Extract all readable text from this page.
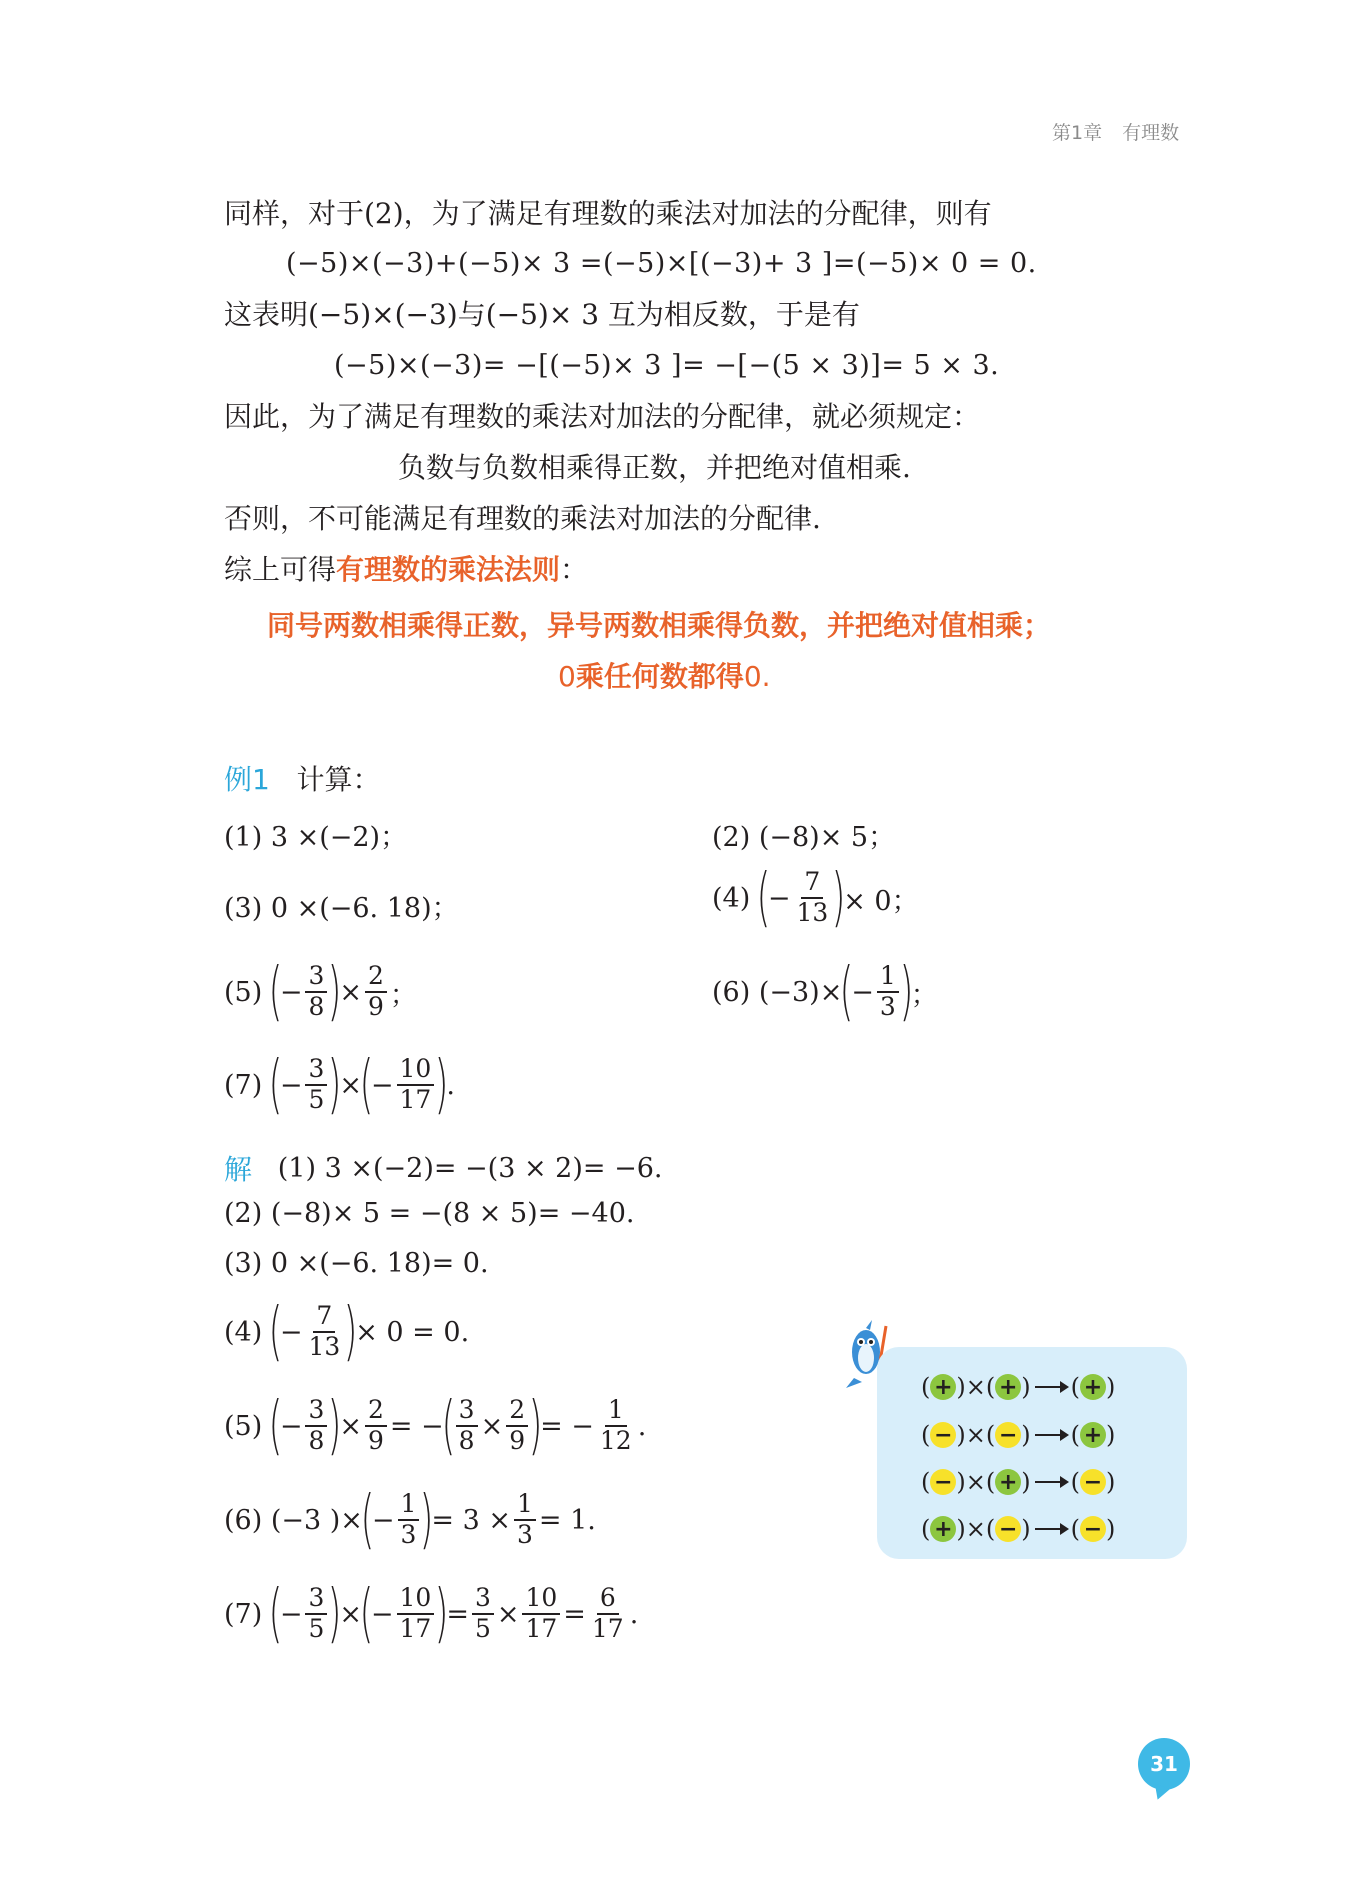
第1章 有理数
同样，对于(2)，为了满足有理数的乘法对加法的分配律，则有
(−5)×(−3)+(−5)× 3 =(−5)×[(−3)+ 3 ]=(−5)× 0 = 0.
这表明(−5)×(−3)与(−5)× 3 互为相反数，于是有
(−5)×(−3)= −[(−5)× 3 ]= −[−(5 × 3)]= 5 × 3.
因此，为了满足有理数的乘法对加法的分配律，就必须规定：
负数与负数相乘得正数，并把绝对值相乘.
否则，不可能满足有理数的乘法对加法的分配律.
综上可得有理数的乘法法则：
同号两数相乘得正数，异号两数相乘得负数，并把绝对值相乘；
0乘任何数都得0.
例1 计算：
(1) 3 ×(−2)；	(2) (−8)× 5；
(3) 0 ×(−6. 18)；	(4)
(
− $\frac{7}{13}$ )
× 0；
(5)
(
− $\frac{3}{8}$ )
× $\frac{2}{9}$ ；	(6) (−3)×
(
− $\frac{1}{3}$ )
；
(7)
(
− $\frac{3}{5}$ )
×
(
− $\frac{10}{17}$ )
.
解
(1) 3 ×(−2)= −(3 × 2)= −6.
(2) (−8)× 5 = −(8 × 5)= −40.
(3) 0 ×(−6. 18)= 0.
(4)
(
− $\frac{7}{13}$ )
× 0 = 0.
(5)
(
− $\frac{3}{8}$ )
× $\frac{2}{9}$ = −
( $\frac{3}{8} \times \frac{2}{9}$ )
= − $\frac{1}{12}$ .
(6) (−3 )×
(
− $\frac{1}{3}$ )
= $3 \times \frac{1}{3} = 1$.
(7)
(
− $\frac{3}{5}$ )
×
(
− $\frac{10}{17}$ )
= $\frac{3}{5} \times \frac{10}{17} = \frac{6}{17}$ .
( + ) × ( + ) ( + )
( − ) × ( − ) ( + )
( − ) × ( + ) ( − )
( + ) × ( − ) ( − )
31
